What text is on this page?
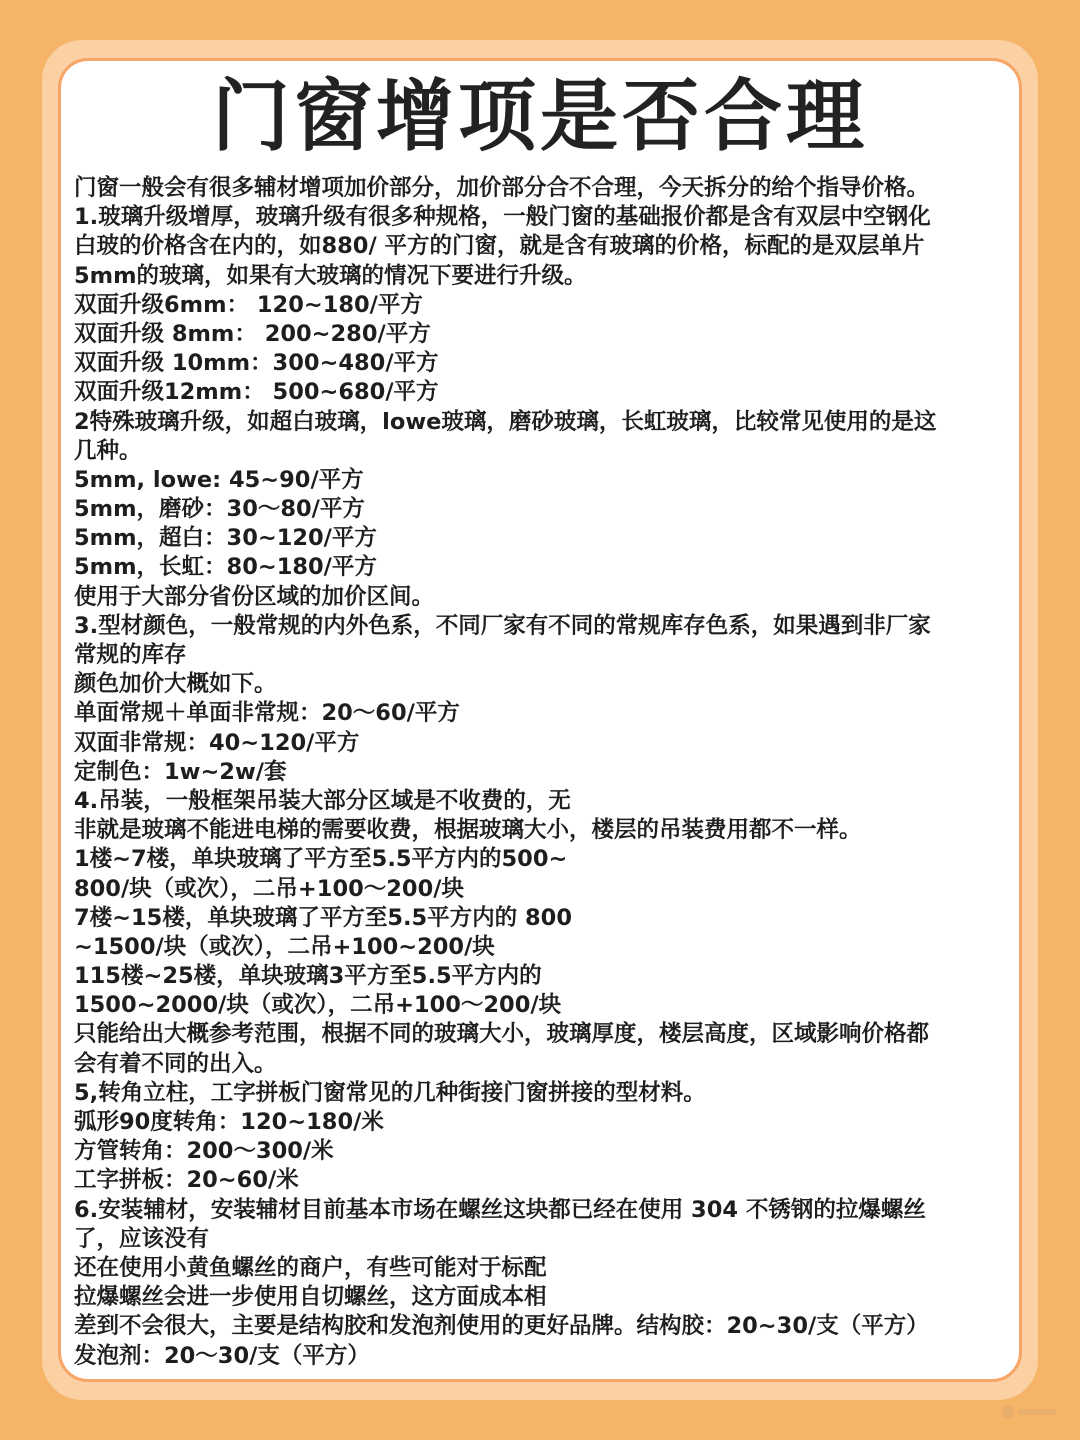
门窗增项是否合理
门窗一般会有很多辅材增项加价部分，加价部分合不合理，今天拆分的给个指导价格。
1.玻璃升级增厚，玻璃升级有很多种规格，一般门窗的基础报价都是含有双层中空钢化
白玻的价格含在内的，如880/ 平方的门窗，就是含有玻璃的价格，标配的是双层单片
5mm的玻璃，如果有大玻璃的情况下要进行升级。
双面升级6mm： 120~180/平方
双面升级 8mm： 200~280/平方
双面升级 10mm：300~480/平方
双面升级12mm： 500~680/平方
2特殊玻璃升级，如超白玻璃，lowe玻璃，磨砂玻璃，长虹玻璃，比较常见使用的是这
几种。
5mm, lowe: 45~90/平方
5mm，磨砂：30～80/平方
5mm，超白：30~120/平方
5mm，长虹：80~180/平方
使用于大部分省份区域的加价区间。
3.型材颜色，一般常规的内外色系，不同厂家有不同的常规库存色系，如果遇到非厂家
常规的库存
颜色加价大概如下。
单面常规＋单面非常规：20～60/平方
双面非常规：40~120/平方
定制色：1w~2w/套
4.吊装，一般框架吊装大部分区域是不收费的，无
非就是玻璃不能进电梯的需要收费，根据玻璃大小，楼层的吊装费用都不一样。
1楼~7楼，单块玻璃了平方至5.5平方内的500~
800/块（或次），二吊+100～200/块
7楼~15楼，单块玻璃了平方至5.5平方内的 800
~1500/块（或次），二吊+100~200/块
115楼~25楼，单块玻璃3平方至5.5平方内的
1500~2000/块（或次），二吊+100～200/块
只能给出大概参考范围，根据不同的玻璃大小，玻璃厚度，楼层高度，区域影响价格都
会有着不同的出入。
5,转角立柱，工字拼板门窗常见的几种街接门窗拼接的型材料。
弧形90度转角：120~180/米
方管转角：200～300/米
工字拼板：20~60/米
6.安装辅材，安装辅材目前基本市场在螺丝这块都已经在使用 304 不锈钢的拉爆螺丝
了，应该没有
还在使用小黄鱼螺丝的商户，有些可能对于标配
拉爆螺丝会进一步使用自切螺丝，这方面成本相
差到不会很大，主要是结构胶和发泡剂使用的更好品牌。结构胶：20~30/支（平方）
发泡剂：20～30/支（平方）
